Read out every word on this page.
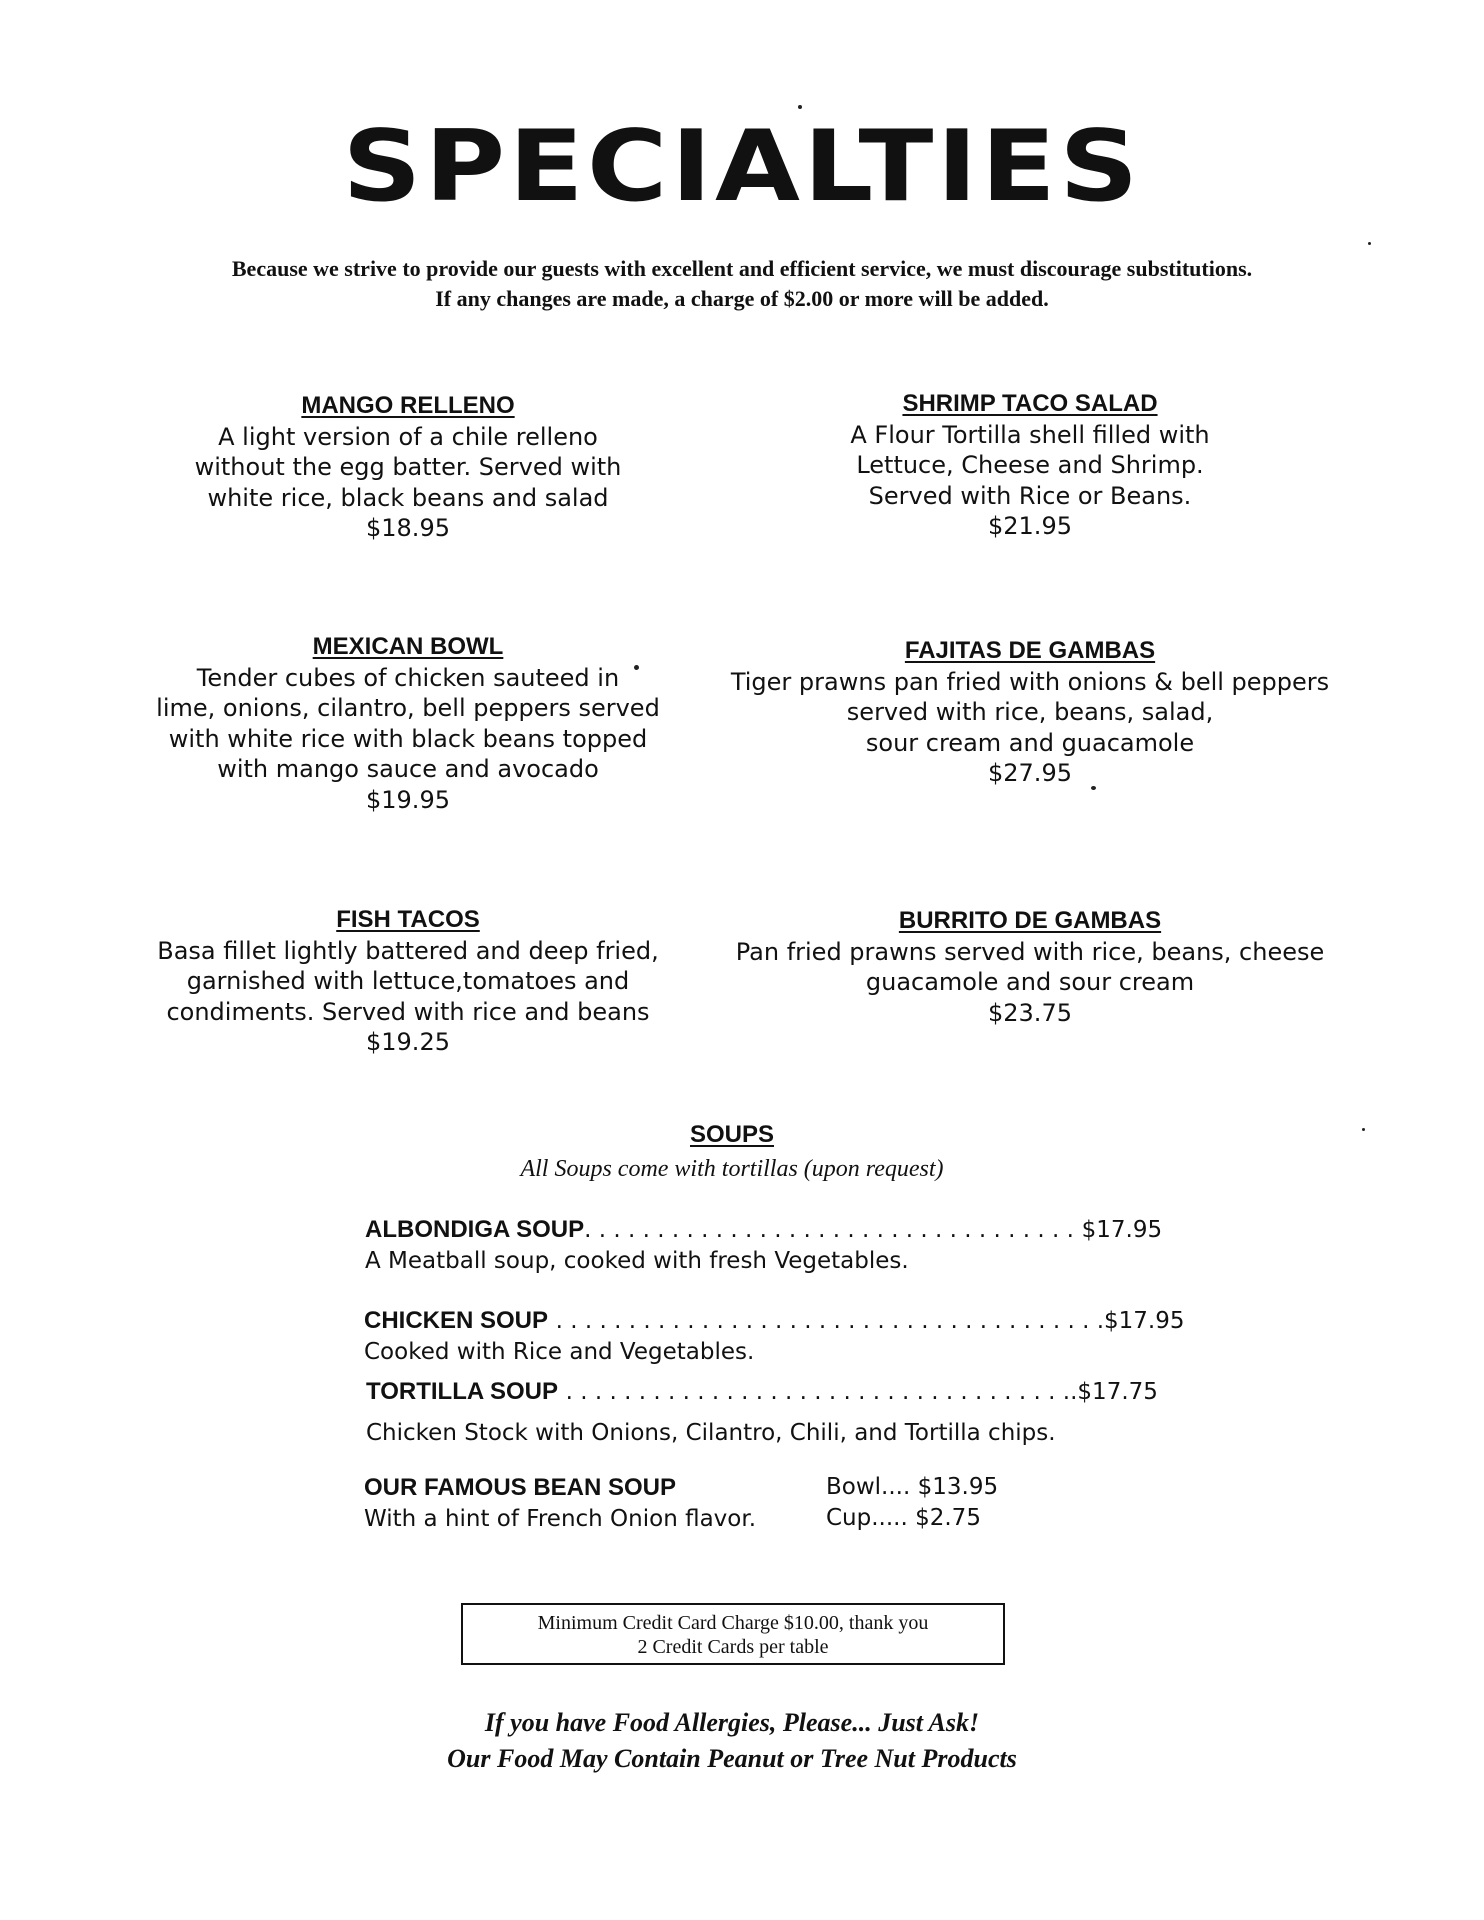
SPECIALTIES
Because we strive to provide our guests with excellent and efficient service, we must discourage substitutions.
If any changes are made, a charge of $2.00 or more will be added.
MANGO RELLENO
A light version of a chile relleno
without the egg batter. Served with
white rice, black beans and salad
$18.95
SHRIMP TACO SALAD
A Flour Tortilla shell filled with
Lettuce, Cheese and Shrimp.
Served with Rice or Beans.
$21.95
MEXICAN BOWL
Tender cubes of chicken sauteed in
lime, onions, cilantro, bell peppers served
with white rice with black beans topped
with mango sauce and avocado
$19.95
FAJITAS DE GAMBAS
Tiger prawns pan fried with onions & bell peppers
served with rice, beans, salad,
sour cream and guacamole
$27.95
FISH TACOS
Basa fillet lightly battered and deep fried,
garnished with lettuce,tomatoes and
condiments. Served with rice and beans
$19.25
BURRITO DE GAMBAS
Pan fried prawns served with rice, beans, cheese
guacamole and sour cream
$23.75
SOUPS
All Soups come with tortillas (upon request)
ALBONDIGA SOUP. . . . . . . . . . . . . . . . . . . . . . . . . . . . . . . . . . $17.95
A Meatball soup, cooked with fresh Vegetables.
CHICKEN SOUP . . . . . . . . . . . . . . . . . . . . . . . . . . . . . . . . . . . . . .$17.95
Cooked with Rice and Vegetables.
TORTILLA SOUP . . . . . . . . . . . . . . . . . . . . . . . . . . . . . . . . . . ..$17.75
Chicken Stock with Onions, Cilantro, Chili, and Tortilla chips.
OUR FAMOUS BEAN SOUP
With a hint of French Onion flavor.
Bowl.... $13.95
Cup..... $2.75
Minimum Credit Card Charge $10.00, thank you
2 Credit Cards per table
If you have Food Allergies, Please... Just Ask!
Our Food May Contain Peanut or Tree Nut Products
